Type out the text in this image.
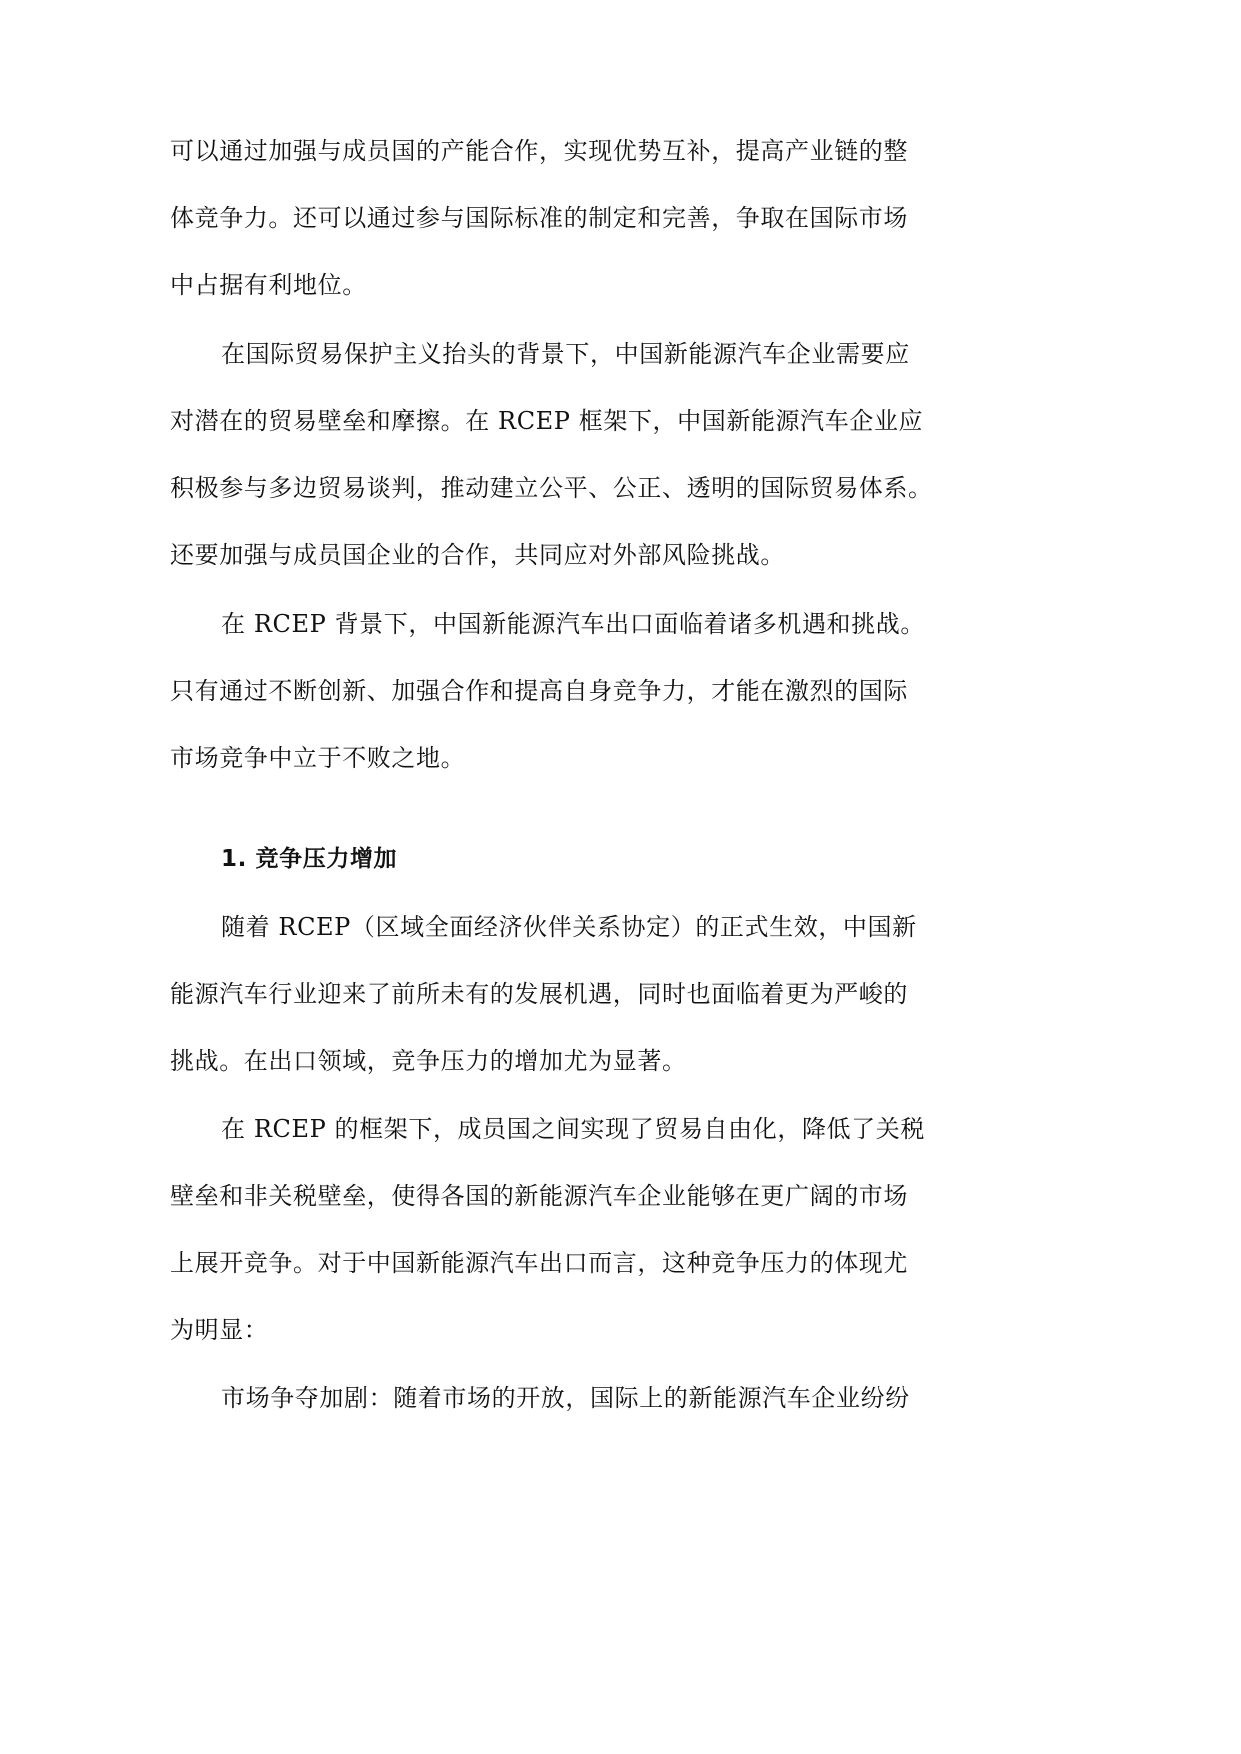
可以通过加强与成员国的产能合作，实现优势互补，提高产业链的整

体竞争力。还可以通过参与国际标准的制定和完善，争取在国际市场

中占据有利地位。

在国际贸易保护主义抬头的背景下，中国新能源汽车企业需要应

对潜在的贸易壁垒和摩擦。在 RCEP 框架下，中国新能源汽车企业应

积极参与多边贸易谈判，推动建立公平、公正、透明的国际贸易体系。

还要加强与成员国企业的合作，共同应对外部风险挑战。

在 RCEP 背景下，中国新能源汽车出口面临着诸多机遇和挑战。

只有通过不断创新、加强合作和提高自身竞争力，才能在激烈的国际

市场竞争中立于不败之地。

1. 竞争压力增加

随着 RCEP（区域全面经济伙伴关系协定）的正式生效，中国新

能源汽车行业迎来了前所未有的发展机遇，同时也面临着更为严峻的

挑战。在出口领域，竞争压力的增加尤为显著。

在 RCEP 的框架下，成员国之间实现了贸易自由化，降低了关税

壁垒和非关税壁垒，使得各国的新能源汽车企业能够在更广阔的市场

上展开竞争。对于中国新能源汽车出口而言，这种竞争压力的体现尤

为明显：

市场争夺加剧：随着市场的开放，国际上的新能源汽车企业纷纷
